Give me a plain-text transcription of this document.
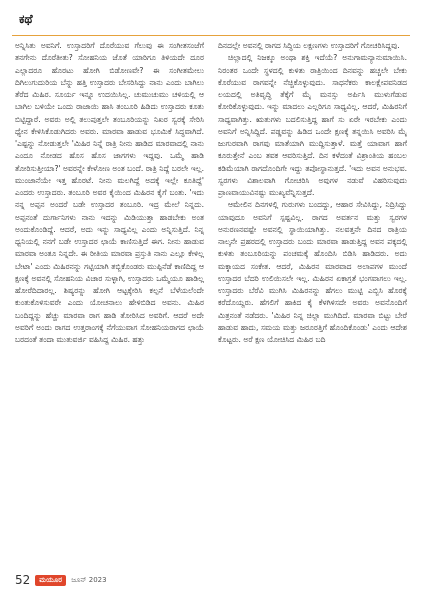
ಕಥೆ

ಅನ್ನಿಸಿತು ಅವನಿಗೆ. ಉಸ್ತಾದರಿಗೆ ದೊರೆಯುವ ಗೆಲುವು ಈ ಸಂಗೀತಸಂಜೆಗೆ ತನಗೇನು ದೊರೆತೀತು? ಸೋಹನಿಯ ಜೊತೆ ಯಾರಿಗೂ ತಿಳಿಯದೇ ದೂರ ಎಲ್ಲಾದರೂ ಹೊರಟು ಹೋಗಿ ಬಿಡೋಣವೇ? ಈ ಸಂಗೀತಮೇಲು ದಿಗಿಲುಗುದುರಿಯ ಬೆನ್ನು ಹತ್ತಿ ಉಸ್ತಾದರು ಬೇಸರಿಸಿದ್ದು ನಾನು ಎಂದು ಬಾಗಿಲು ತೆರೆದ ಮಿಹಿರ. ಸೂರ್ಯ ಇನ್ನೂ ಉದಯಿಸಿಲ್ಲ. ಚುಮುಚುಮು ಚಳಿಯಲ್ಲಿ ಆ ಬಾಗಿಲ ಬಳಿಯೇ ಒಂದು ರಾಜಾಯಿ ಹಾಸಿ ತಂಬೂರಿ ಹಿಡಿದು ಉಸ್ತಾದರು ಕೂತು ಬಿಟ್ಟಿದ್ದಾರೆ. ಅವರು ಅಲ್ಲಿ ತಲುಪುತ್ತಲೇ ತಂಬೂರಿಯನ್ನು ನಿಖರ ಸ್ವರಕ್ಕೆ ಸೇರಿಸಿ ಧ್ಯೇನ ಕೇಳಿಸಿಕೊಡುಗಿದರು ಅವರು. ಮಾರವಾ ಹಾಡುವ ಭೂಮಿಕೆ ಸಿದ್ಧವಾಗಿದೆ. 'ಎಷ್ಟನ್ನು ನೋಡುತ್ತಲೇ 'ಮಿಹಿರ ನಿನ್ನೆ ರಾತ್ರಿ ನೀನು ಹಾಡಿದ ಮಾರವಾದಲ್ಲಿ ನಾನು ಎಂದೂ ನೋಡದ ಹೊಸ ಹೊಸ ಜಾಗಗಳು ಇದ್ದವು. ಒಮ್ಮೆ ಹಾಡಿ ತೋರಿಸುತ್ತೀಯಾ?' ಅವರನ್ನೇ ಕೇಳೋಣ ಅಂತ ಬಂದೆ. ರಾತ್ರಿ ನಿದ್ದೆ ಬರಲೇ ಇಲ್ಲ. ಮುಂಜಾನೆಯೇ ಇತ್ತ ಹೊರಟೆ. ನೀನು ಮಲಗಿದ್ದೆ ಅದಕ್ಕೆ ಇಲ್ಲೇ ಕೂತಿದ್ದೆ' ಎಂದರು ಉಸ್ತಾದರು. ತಂಬೂರಿ ಅವರ ಕೈಯಿಂದ ಮಿಹಿರನ ಕೈಗೆ ಬಂತು. 'ಇದು ನನ್ನ ಅಪ್ಪನ ಅಂದರೆ ಬಡೇ ಉಸ್ತಾದರ ತಂಬೂರಿ. ಇದ್ರ ಮೇಲೆ ನಿನ್ನದು. ಅಪ್ಪನಂತೆ ದುರ್ಗಾನಿಗಳು ನಾನು ಇದನ್ನು ಮಿಡಿಯುತ್ತಾ ಹಾಡಬೇಕು ಅಂತ ಅಂದುಕೊಂಡಿದ್ದೆ. ಆದರೆ, ಅದು ಇನ್ನು ಸಾಧ್ಯವಿಲ್ಲ ಎಂದು ಅನ್ನಿಸುತ್ತಿದೆ. ನಿನ್ನ ಧ್ವನಿಯಲ್ಲಿ ನನಗೆ ಬಡೇ ಉಸ್ತಾದರ ಛಾಯೆ ಕಾಣಿಸುತ್ತಿದೆ ಈಗ. ನೀನು ಹಾಡುವ ಮಾರವಾ ಅಂತೂ ನಿನ್ನದೇ. ಈ ರೀತಿಯ ಮಾರವಾ ಪ್ರಸ್ತುತಿ ನಾನು ಎಲ್ಲೂ ಕೇಳಿಲ್ಲ ಬೇಟಾ' ಎಂದು ಮಿಹಿರನನ್ನು ಗಟ್ಟಿಯಾಗಿ ತಬ್ಬಿಕೊಂಡರು ಮುಪ್ಪಿನೆಡೆ ಕಾಣಿದಿದ್ದ ಆ ಕ್ಷಣಕ್ಕೆ ಅವನಲ್ಲಿ ಸೋಹನಿಯ ವಿಚಾರ ಸುಳ್ಳಾಗಿ, ಉಸ್ತಾದರು ಒಮ್ಮೆಯೂ ಹಾಡಿಲ್ಲ ಹೋರೆದಿದಾರಲ್ಲ. ಶಿಷ್ಯರನ್ನು ಹೋಗಿ ಆಟ್ಟಕ್ಕೇರಿಸಿ ಕಲ್ಪನೆ ಬೆಳೆಯಲೆಂದೇ ಕುಂತುಕೊಳಿಸುವರೇ ಎಂದು ಯೋಚನಾಲು ಹೇಳಿಬಿಡಿದ ಅವನು. ಮಿಹಿರ ಬಂದಿದ್ದನ್ನು ಹೆಚ್ಚು ಮಾರವಾ ರಾಗ ಹಾಡಿ ತೋರಿಸಿದ ಅವರಿಗೆ. ಆದರೆ ಅದೇ ಅವರಿಗೆ ಅಂದು ರಾಗದ ಉತ್ತರಾಂಗಕ್ಕೆ ನೆಗೆಯುವಾಗ ಸೋಹನಿಯರಾಗದ ಛಾಯೆ ಬರದಂತೆ ತಂದಾ ಮುತುವರ್ಜಿ ವಹಿಸಿದ್ದ ಮಿಹಿರ. ಹತ್ತು

ದಿನದಲ್ಲೇ ಅವನಲ್ಲಿ ರಾಗದ ಸಿದ್ಧಿಯ ಲಕ್ಷಣಗಳು ಉಸ್ತಾದರಿಗೆ ಗೋಚರಿಸಿದ್ದವು.

ಚಿಲ್ಲಾದಲ್ಲಿ ನಿಜಕ್ಕೂ ಅಂಥಾ ಶಕ್ತಿ ಇದೆಯೆ? ಅನುಗಾಮನ್ಯಾನುಮಾಯಿಸಿ. ನಿರಂತರ ಒಂದೇ ಸ್ಥಳದಲ್ಲಿ ಕುಳಿತು ರಾತ್ರಿಯಿಂದ ದಿನವನ್ನು ಹಚ್ಚಲೇ ಬೇಕು ಕೊರೆಯುವ ರಾಗವನ್ನೇ ನೆಚ್ಚಿಕೊಳ್ಳುವುದು. ಸಾಧನೆಕರು ಕಾಲಕ್ಷೇಪವನಿಡದ ಲಯದಲ್ಲಿ ಅತಿವೃದ್ಧಿ ತೆಕ್ಕೆಗೆ ಮೈ ಮನಸ್ಸು ಅರ್ಪಿಸಿ ಮುಳುಗೆಡುವ ಕೋರಿಕೊಳ್ಳುವುದು. ಇನ್ನು ಮಾದಲು ಎಲ್ಲರಿಗೂ ಸಾಧ್ಯವಿಲ್ಲ. ಆದರೆ, ಮಿಹಿರನಿಗೆ ಸಾಧ್ಯವಾಗಿತ್ತು. ಋತುಗಳು ಬದಲಿಸುತ್ತಿದ್ದ ಹಾಗೆ ಸು ಏರೇ ಇರಬೇಕು ಎಂದು ಅವನಿಗೆ ಅನ್ನಿಸಿದ್ದಿದೆ. ಪಡ್ಡವನ್ನು ಹಿಡಿದ ಒಂದೇ ಕ್ಷಣಕ್ಕೆ ತನ್ನಯಿಸಿ ಅವರಿಸಿ ಮೈ ಜುಗುರವಾಗಿ ರಾಗವು ಮಾತೆಯಾಗಿ ಮುದ್ದಿಸುತ್ತಾಳೆ. ಮತ್ತೆ ಯಾವಾಗ ಹಾಗೆ ಕೂರುತ್ತೇನೆ ಎಂಬ ತವಕ ಆವರಿಸುತ್ತಿದೆ. ದಿನ ಕಳೆದಂತೆ ವಿಶ್ರಾಂತಿಯ ಹಂಬಲ ಕಡಿಮೆಯಾಗಿ ರಾಗದೊಂದಿಗೇ ಇದ್ದು ತಪೋಸ್ಥಾನುತ್ತದೆ. 'ಇದು ಅವನ ಅನುಭವ. ಸ್ವರಗಳು ವಿಶಾಲವಾಗಿ ಗೋಚರಿಸಿ ಅವುಗಳ ನಡುವೆ ವಿಹರಿಸುವುದು ಪ್ರಾಣವಾಯುವಿನಷ್ಟು ಮುಖ್ಯವೆನ್ನಿಸುತ್ತದೆ.

ಆಮೇಲಿನ ದಿನಗಳಲ್ಲಿ ಗುರುಗಳು ಬಂದದ್ದು, ಆಹಾರ ಸೇವಿಸಿದ್ದು, ನಿದ್ರಿಸಿದ್ದು ಯಾವುದೂ ಅವನಿಗೆ ಸ್ಪಷ್ಟವಿಲ್ಲ. ರಾಗದ ಅವರ್ತನ ಮತ್ತು ಸ್ವರಗಳ ಅನುರಣನವಷ್ಟೇ ಅವನಲ್ಲಿ ಸ್ಥಾಯಿಯಾಗಿತ್ತು. ನಲವತ್ತನೇ ದಿನದ ರಾತ್ರಿಯ ನಾಲ್ಕನೇ ಪ್ರಹರದಲ್ಲಿ ಉಸ್ತಾದರು ಬಂದು ಮಾರವಾ ಹಾಡುತ್ತಿದ್ದ ಅವನ ಪಕ್ಕದಲ್ಲಿ ಕುಳಿತು ತಂಬೂರಿಯನ್ನು ಪಂಚಮಕ್ಕೆ ಹೊಂದಿಸಿ ಬಿಡಿಸಿ ಹಾಡಿದರು. ಅದು ಮಕ್ಕಾಯದ ಸಂಕೇತ. ಆದರೆ, ಮಿಹಿರನ ಮಾರವಾದ ಅಲಾಪಗಳ ಮುಂದೆ ಉಸ್ತಾದರ ಬೆದರಿ ಉಲಿಯಿಸಲೇ ಇಲ್ಲ. ಮಿಹಿರನ ಏಕಾಗ್ರತೆ ಭಂಗವಾಗಲು ಇಲ್ಲ. ಉಸ್ತಾದರು ಬೆರೆವಿ ಮುಗಿಸಿ ಮಿಹಿರನನ್ನು ಹೆಗಲು ಮುಟ್ಟಿ ಎಬ್ಬಿಸಿ ಹೊರಕ್ಕೆ ಕರೆದೊಯ್ದರು. ಹೆಗಲಿಗೆ ಹಾಕಿದ ಕೈ ಕೆಳಗಿಳಿಸದೇ ಅವರು ಅವನೊಂದಿಗೆ ಮಿತ್ರನಂತೆ ನಡೆದರು. 'ಮಿಹಿರ ನಿನ್ನ ಚಿಲ್ಲಾ ಮುಗಿದಿದೆ. ಮಾರವಾ ಬಿಟ್ಟು ಬೇರೆ ಹಾಡುವ ಹಾದು, ಸಮಯ ಮತ್ತು ಜರೂರತ್ತಿಗೆ ಹೊಂದಿಕೊಂಡು' ಎಂದು ಆದೇಶ ಕೊಟ್ಟರು. ಅರೆ ಕ್ಷಣ ಯೋಚಿಸಿದ ಮಿಹಿರ ಬದಿ

52	ಮಯೂರ	ಜೂನ್ 2023
